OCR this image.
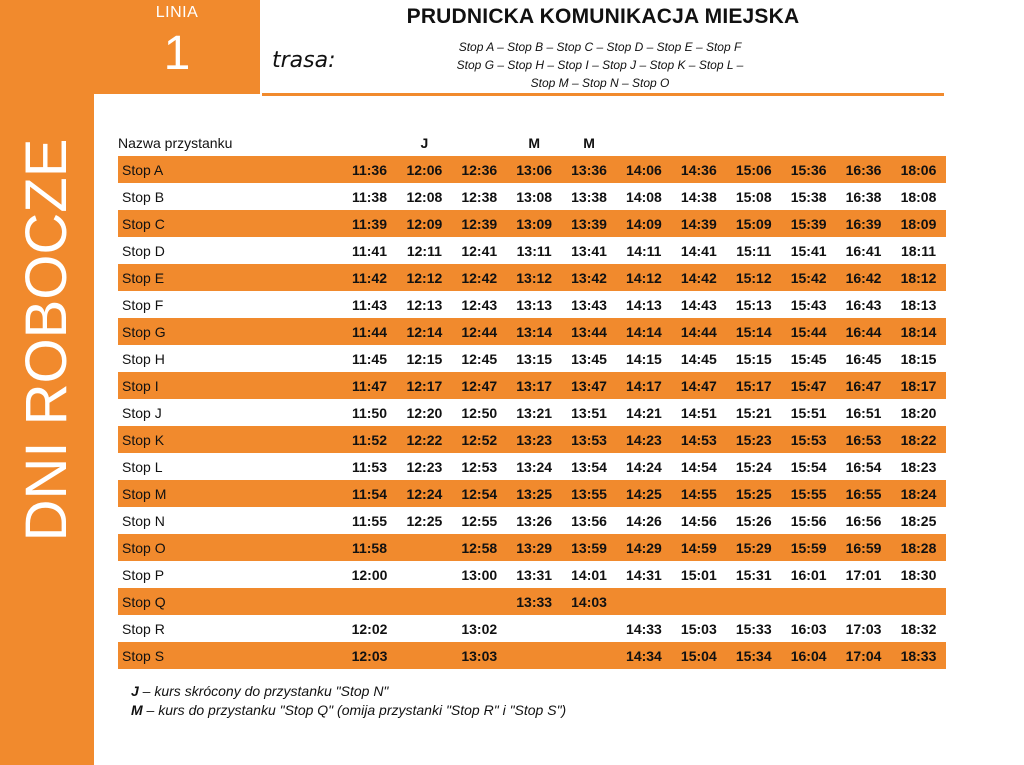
DNI ROBOCZE
LINIA
1
PRUDNICKA KOMUNIKACJA MIEJSKA
trasa:
Stop A – Stop B – Stop C – Stop D – Stop E – Stop F
Stop G – Stop H – Stop I – Stop J – Stop K – Stop L –
Stop M – Stop N – Stop O
Nazwa przystanku		J		M	M						
Stop A	11:36	12:06	12:36	13:06	13:36	14:06	14:36	15:06	15:36	16:36	18:06
Stop B	11:38	12:08	12:38	13:08	13:38	14:08	14:38	15:08	15:38	16:38	18:08
Stop C	11:39	12:09	12:39	13:09	13:39	14:09	14:39	15:09	15:39	16:39	18:09
Stop D	11:41	12:11	12:41	13:11	13:41	14:11	14:41	15:11	15:41	16:41	18:11
Stop E	11:42	12:12	12:42	13:12	13:42	14:12	14:42	15:12	15:42	16:42	18:12
Stop F	11:43	12:13	12:43	13:13	13:43	14:13	14:43	15:13	15:43	16:43	18:13
Stop G	11:44	12:14	12:44	13:14	13:44	14:14	14:44	15:14	15:44	16:44	18:14
Stop H	11:45	12:15	12:45	13:15	13:45	14:15	14:45	15:15	15:45	16:45	18:15
Stop I	11:47	12:17	12:47	13:17	13:47	14:17	14:47	15:17	15:47	16:47	18:17
Stop J	11:50	12:20	12:50	13:21	13:51	14:21	14:51	15:21	15:51	16:51	18:20
Stop K	11:52	12:22	12:52	13:23	13:53	14:23	14:53	15:23	15:53	16:53	18:22
Stop L	11:53	12:23	12:53	13:24	13:54	14:24	14:54	15:24	15:54	16:54	18:23
Stop M	11:54	12:24	12:54	13:25	13:55	14:25	14:55	15:25	15:55	16:55	18:24
Stop N	11:55	12:25	12:55	13:26	13:56	14:26	14:56	15:26	15:56	16:56	18:25
Stop O	11:58		12:58	13:29	13:59	14:29	14:59	15:29	15:59	16:59	18:28
Stop P	12:00		13:00	13:31	14:01	14:31	15:01	15:31	16:01	17:01	18:30
Stop Q				13:33	14:03						
Stop R	12:02		13:02			14:33	15:03	15:33	16:03	17:03	18:32
Stop S	12:03		13:03			14:34	15:04	15:34	16:04	17:04	18:33
J – kurs skrócony do przystanku "Stop N"
M – kurs do przystanku "Stop Q" (omija przystanki "Stop R" i "Stop S")
